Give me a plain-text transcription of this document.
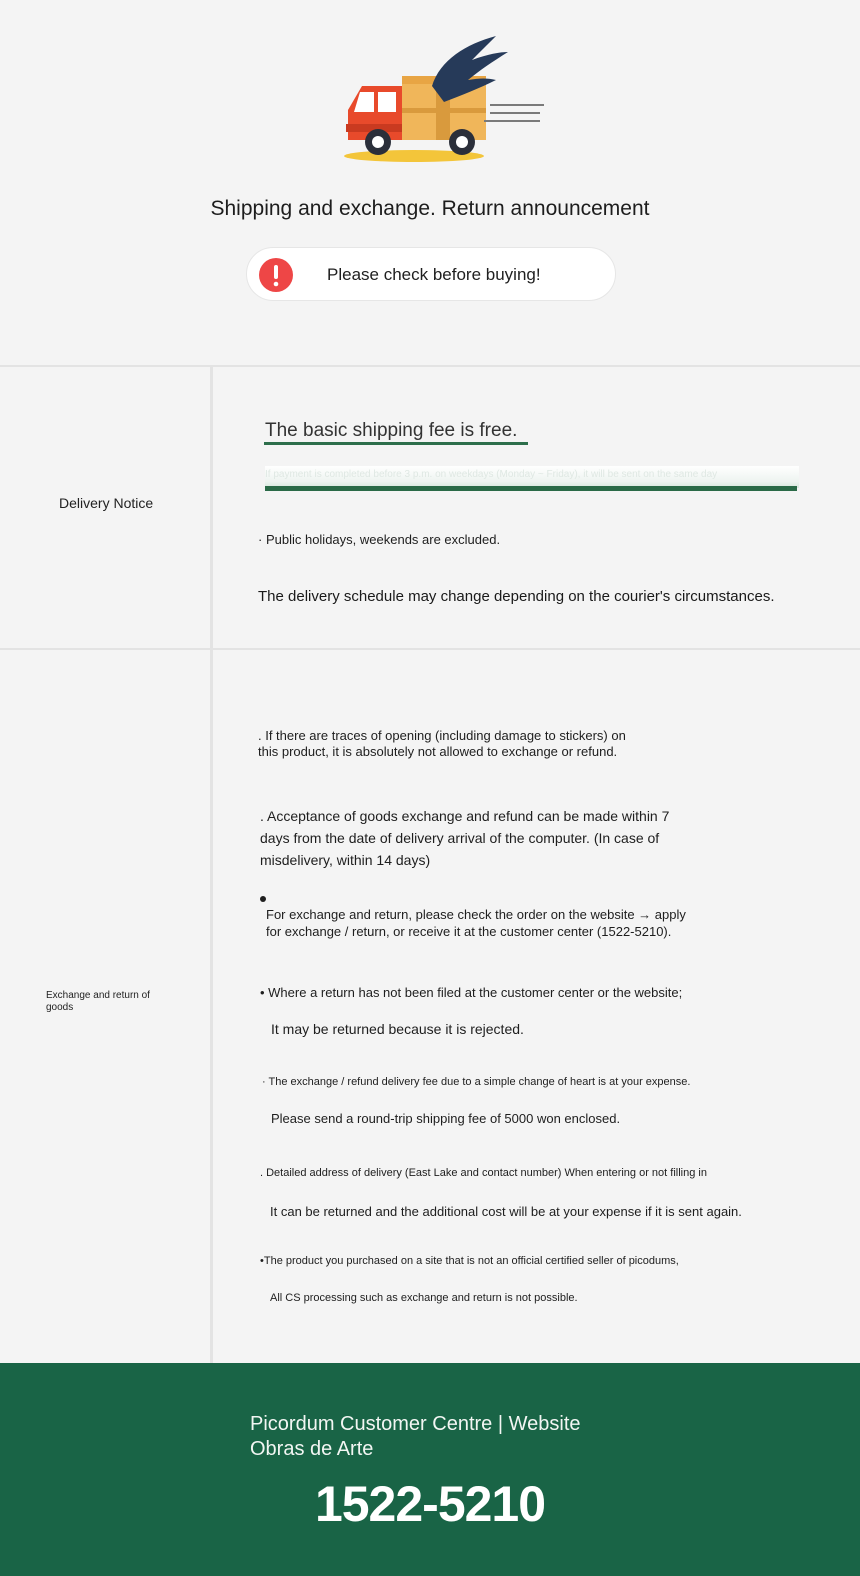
Shipping and exchange. Return announcement
Please check before buying!
Delivery Notice
The basic shipping fee is free.
If payment is completed before 3 p.m. on weekdays (Monday ~ Friday), it will be sent on the same day
· Public holidays, weekends are excluded.
The delivery schedule may change depending on the courier's circumstances.
Exchange and return of
goods
. If there are traces of opening (including damage to stickers) on
this product, it is absolutely not allowed to exchange or refund.
. Acceptance of goods exchange and refund can be made within 7
days from the date of delivery arrival of the computer. (In case of
misdelivery, within 14 days)
For exchange and return, please check the order on the website → apply
for exchange / return, or receive it at the customer center (1522-5210).
• Where a return has not been filed at the customer center or the website;
It may be returned because it is rejected.
· The exchange / refund delivery fee due to a simple change of heart is at your expense.
Please send a round-trip shipping fee of 5000 won enclosed.
. Detailed address of delivery (East Lake and contact number) When entering or not filling in
It can be returned and the additional cost will be at your expense if it is sent again.
•The product you purchased on a site that is not an official certified seller of picodums,
All CS processing such as exchange and return is not possible.
Picordum Customer Centre | Website
Obras de Arte
1522-5210
